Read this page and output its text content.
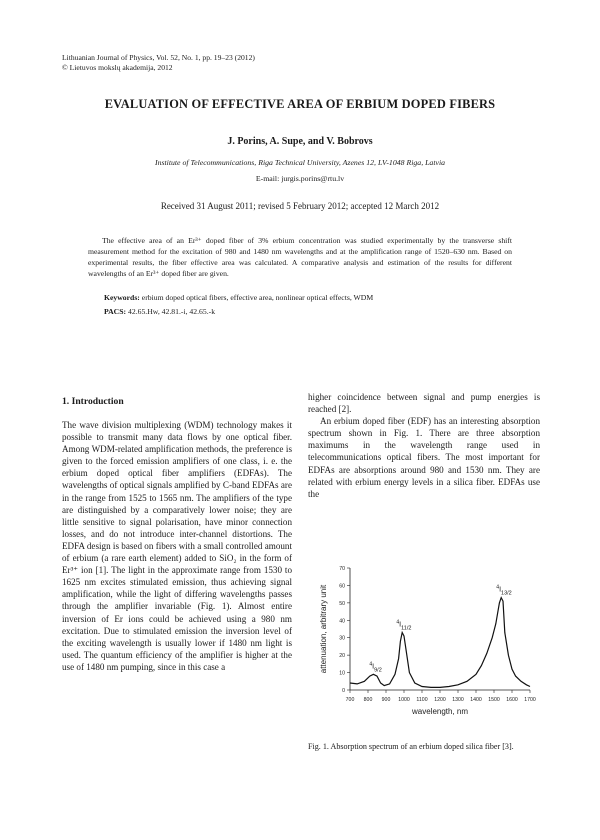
Lithuanian Journal of Physics, Vol. 52, No. 1, pp. 19–23 (2012)
© Lietuvos mokslų akademija, 2012
EVALUATION OF EFFECTIVE AREA OF ERBIUM DOPED FIBERS
J. Porins, A. Supe, and V. Bobrovs
Institute of Telecommunications, Riga Technical University, Azenes 12, LV-1048 Riga, Latvia
E-mail: jurgis.porins@rtu.lv
Received 31 August 2011; revised 5 February 2012; accepted 12 March 2012
The effective area of an Er³⁺ doped fiber of 3% erbium concentration was studied experimentally by the transverse shift measurement method for the excitation of 980 and 1480 nm wavelengths and at the amplification range of 1520–630 nm. Based on experimental results, the fiber effective area was calculated. A comparative analysis and estimation of the results for different wavelengths of an Er³⁺ doped fiber are given.
Keywords: erbium doped optical fibers, effective area, nonlinear optical effects, WDM
PACS: 42.65.Hw, 42.81.-i, 42.65.-k
1. Introduction

The wave division multiplexing (WDM) technology makes it possible to transmit many data flows by one optical fiber. Among WDM-related amplification methods, the preference is given to the forced emission amplifiers of one class, i. e. the erbium doped optical fiber amplifiers (EDFAs). The wavelengths of optical signals amplified by C-band EDFAs are in the range from 1525 to 1565 nm. The amplifiers of the type are distinguished by a comparatively lower noise; they are little sensitive to signal polarisation, have minor connection losses, and do not introduce inter-channel distortions. The EDFA design is based on fibers with a small controlled amount of erbium (a rare earth element) added to SiO₂ in the form of Er³⁺ ion [1]. The light in the approximate range from 1530 to 1625 nm excites stimulated emission, thus achieving signal amplification, while the light of differing wavelengths passes through the amplifier invariable (Fig. 1). Almost entire inversion of Er ions could be achieved using a 980 nm excitation. Due to stimulated emission the inversion level of the exciting wavelength is usually lower if 1480 nm light is used. The quantum efficiency of the amplifier is higher at the use of 1480 nm pumping, since in this case a

higher coincidence between signal and pump energies is reached [2].

An erbium doped fiber (EDF) has an interesting absorption spectrum shown in Fig. 1. There are three absorption maximums in the wavelength range used in telecommunications optical fibers. The most important for EDFAs are absorptions around 980 and 1530 nm. They are related with erbium energy levels in a silica fiber. EDFAs use the

700 800 900 1000 1100 1200 1300 1400 1500 1600 1700
0
10
20
30
40
50
60
70
wavelength, nm
attenuation, arbitrary unit	$^4I_{9/2}$
$^4I_{11/2}$
$^4I_{13/2}$
Fig. 1. Absorption spectrum of an erbium doped silica fiber [3].
